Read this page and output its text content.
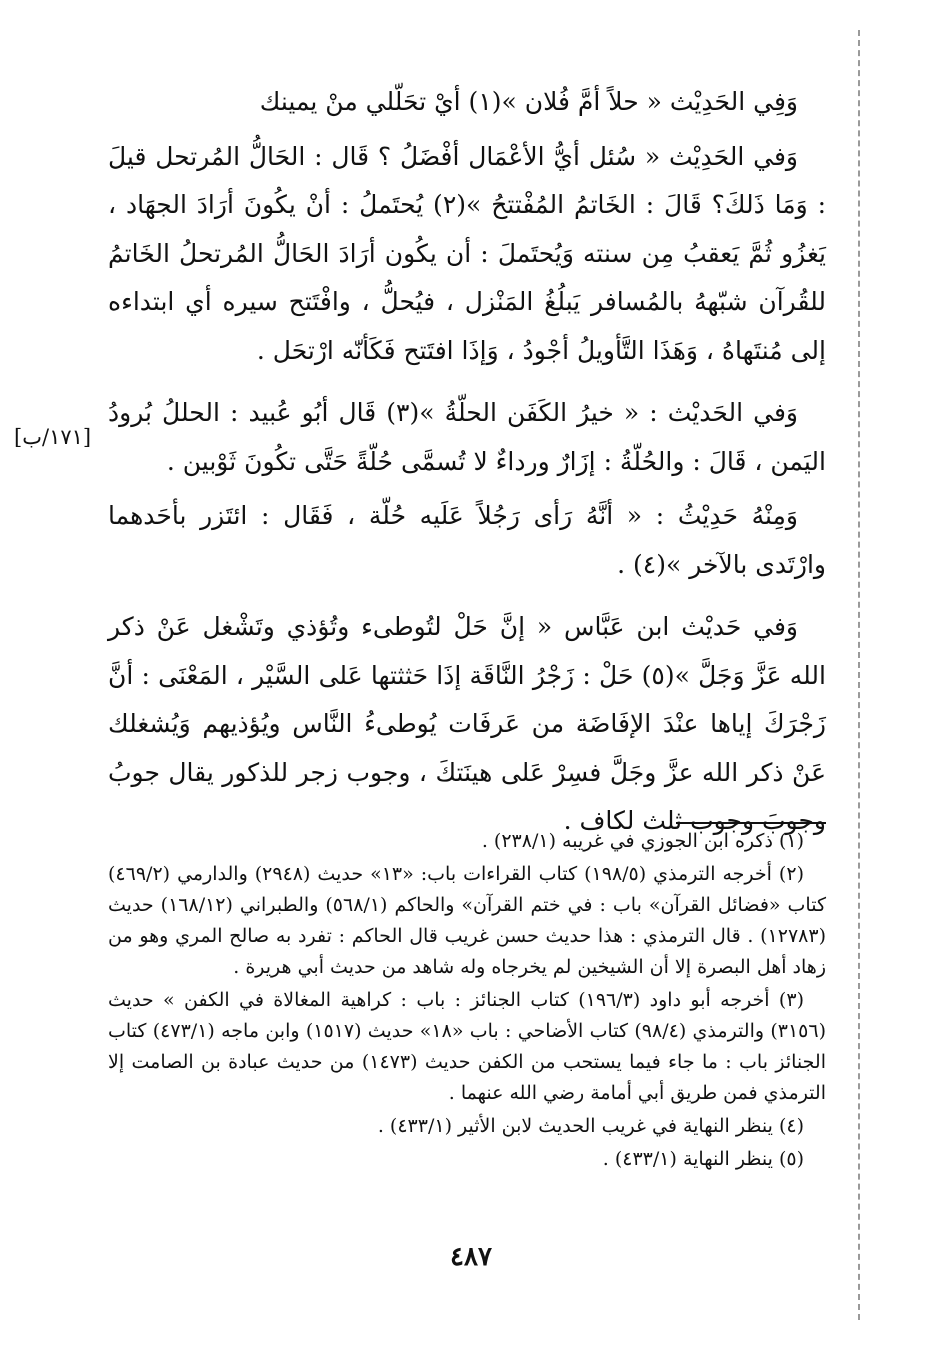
وَفِي الحَدِيْث « حلاً أمَّ فُلان »(١) أيْ تحَلّلي منْ يمينك

وَفي الحَدِيْث « سُئل أيُّ الأعْمَال أفْضَلُ ؟ قَال : الحَالُّ المُرتحل قيلَ : وَمَا ذَلكَ؟ قَالَ : الخَاتمُ المُفْتتحُ »(٢) يُحتَملُ : أنْ يكُونَ أرَادَ الجهَاد ، يَغزُو ثُمَّ يَعقبُ مِن سنته وَيُحتَملَ : أن يكُون أرَادَ الحَالُّ المُرتحلُ الخَاتمُ للقُرآن شبّههُ بالمُسافر يَبلُغُ المَنْزل ، فيُحلُّ ، وافْتَتح سيره أي ابتداءه إلى مُنتَهاهُ ، وَهَذَا التَّأويلُ أجْودُ ، وَإذَا افتَتح فَكَأنّه ارْتحَل .

وَفي الحَديْث : « خيرُ الكَفَن الحلّةُ »(٣) قَال أبُو عُبيد : الحللُ بُرودُ اليَمن ، قَالَ : والحُلّةُ : إزَارٌ ورداءٌ لا تُسمَّى حُلّةً حَتَّى تكُونَ ثَوْبين .

وَمِنْهُ حَدِيْثُ : « أنَّهُ رَأى رَجُلاً عَلَيه حُلّة ، فَقَال : ائتَزر بأحَدهما وارْتَدى بالآخر »(٤) .

وَفي حَديْث ابن عَبَّاس « إنَّ حَلْ لتُوطىء وتُؤذي وتَشْغل عَنْ ذكر الله عَزَّ وَجَلَّ »(٥) حَلْ : زَجْرُ النَّاقَة إذَا حَثثتها عَلى السَّيْر ، المَعْنَى : أنَّ زَجْرَكَ إياها عنْدَ الإفَاضَة من عَرفَات يُوطىءُ النَّاس ويُؤذيهم وَيُشغلك عَنْ ذكر الله عزَّ وجَلَّ فسِرْ عَلى هينَتكَ ، وجوب زجر للذكور يقال جوبُ وجوبَ وجوب ثلث لكاف .

[١٧١/ب]

(١) ذكره ابن الجوزي في غريبه (٢٣٨/١) .

(٢) أخرجه الترمذي (١٩٨/٥) كتاب القراءات باب: «١٣» حديث (٢٩٤٨) والدارمي (٤٦٩/٢) كتاب «فضائل القرآن» باب : في ختم القرآن» والحاكم (٥٦٨/١) والطبراني (١٦٨/١٢) حديث (١٢٧٨٣) . قال الترمذي : هذا حديث حسن غريب قال الحاكم : تفرد به صالح المري وهو من زهاد أهل البصرة إلا أن الشيخين لم يخرجاه وله شاهد من حديث أبي هريرة .

(٣) أخرجه أبو داود (١٩٦/٣) كتاب الجنائز : باب : كراهية المغالاة في الكفن » حديث (٣١٥٦) والترمذي (٩٨/٤) كتاب الأضاحي : باب «١٨» حديث (١٥١٧) وابن ماجه (٤٧٣/١) كتاب الجنائز باب : ما جاء فيما يستحب من الكفن حديث (١٤٧٣) من حديث عبادة بن الصامت إلا الترمذي فمن طريق أبي أمامة رضي الله عنهما .

(٤) ينظر النهاية في غريب الحديث لابن الأثير (٤٣٣/١) .

(٥) ينظر النهاية (٤٣٣/١) .

٤٨٧
